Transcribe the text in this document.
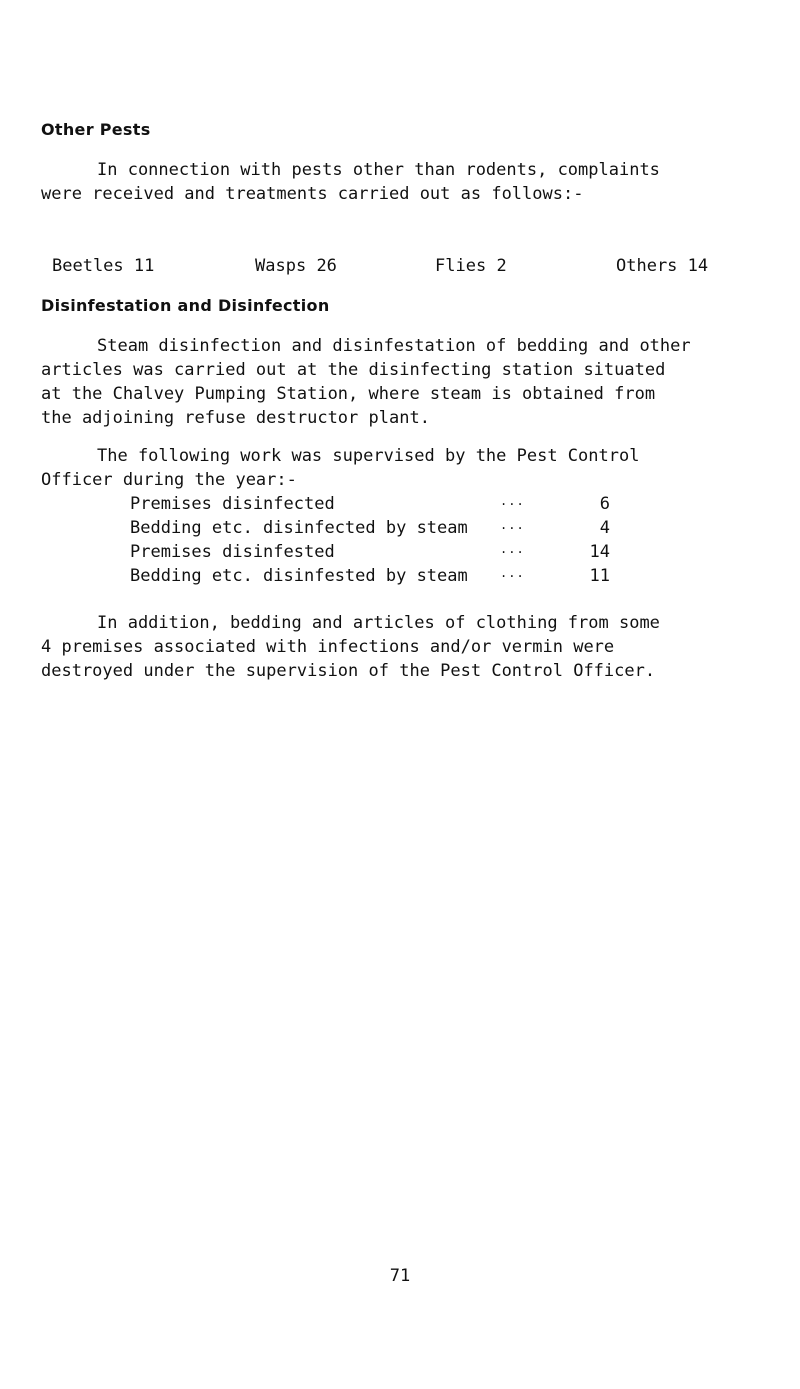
Other Pests

In connection with pests other than rodents, complaints
were received and treatments carried out as follows:-

Beetles 11	Wasps 26	Flies 2	Others 14
Disinfestation and Disinfection

Steam disinfection and disinfestation of bedding and other
articles was carried out at the disinfecting station situated
at the Chalvey Pumping Station, where steam is obtained from
the adjoining refuse destructor plant.

The following work was supervised by the Pest Control
Officer during the year:-

Premises disinfected	...	6
Bedding etc. disinfected by steam	...	4
Premises disinfested	...	14
Bedding etc. disinfested by steam	...	11

In addition, bedding and articles of clothing from some
4 premises associated with infections and/or vermin were
destroyed under the supervision of the Pest Control Officer.

71
